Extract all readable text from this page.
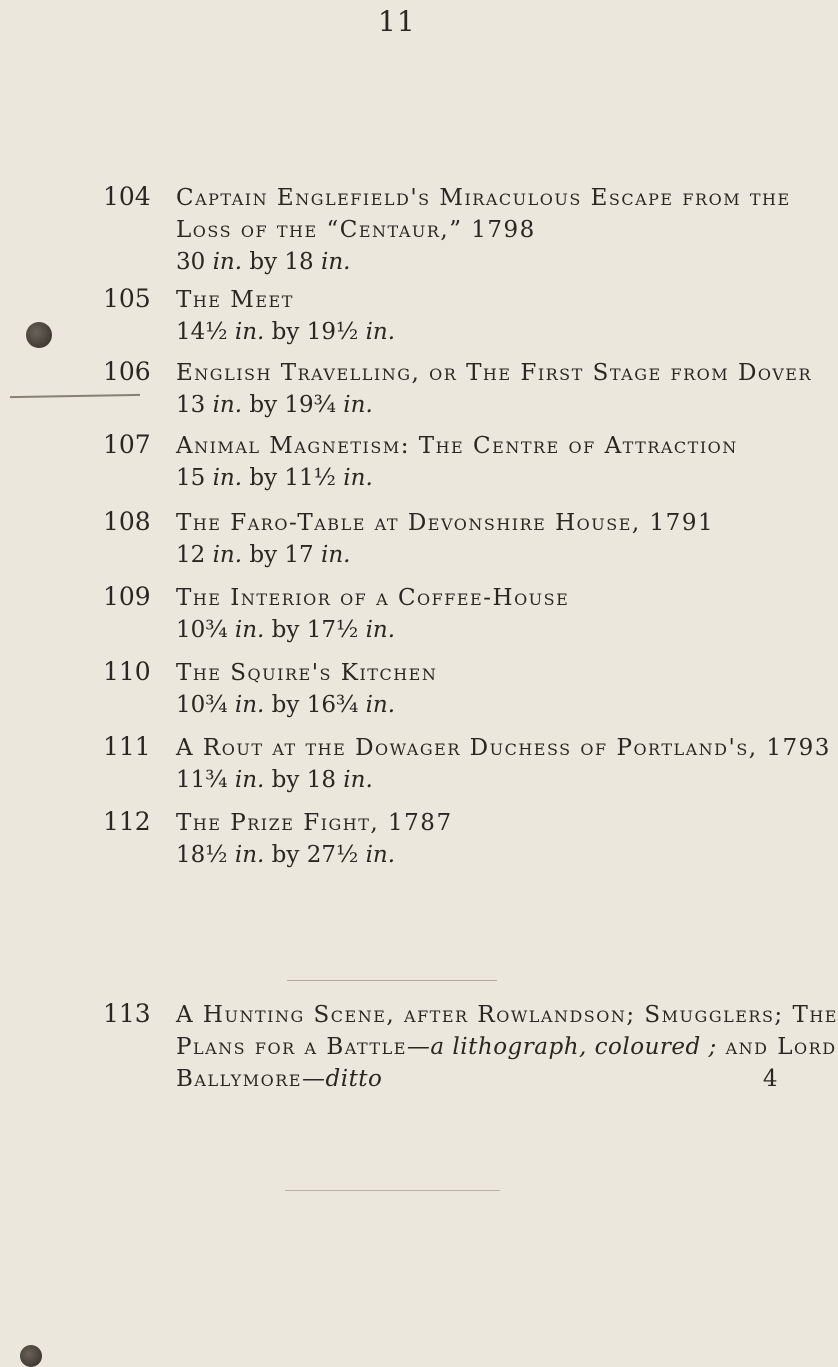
11
104	Captain Englefield's Miraculous Escape from the
Loss of the “Centaur,” 1798
30 in. by 18 in.
105	The Meet
14½ in. by 19½ in.
106	English Travelling, or The First Stage from Dover
13 in. by 19¾ in.
107	Animal Magnetism: The Centre of Attraction
15 in. by 11½ in.
108	The Faro-Table at Devonshire House, 1791
12 in. by 17 in.
109	The Interior of a Coffee-House
10¾ in. by 17½ in.
110	The Squire's Kitchen
10¾ in. by 16¾ in.
111	A Rout at the Dowager Duchess of Portland's, 1793
11¾ in. by 18 in.
112	The Prize Fight, 1787
18½ in. by 27½ in.
113	A Hunting Scene, after Rowlandson; Smugglers; The
Plans for a Battle—a lithograph, coloured ; and Lord
Ballymore—ditto	4
